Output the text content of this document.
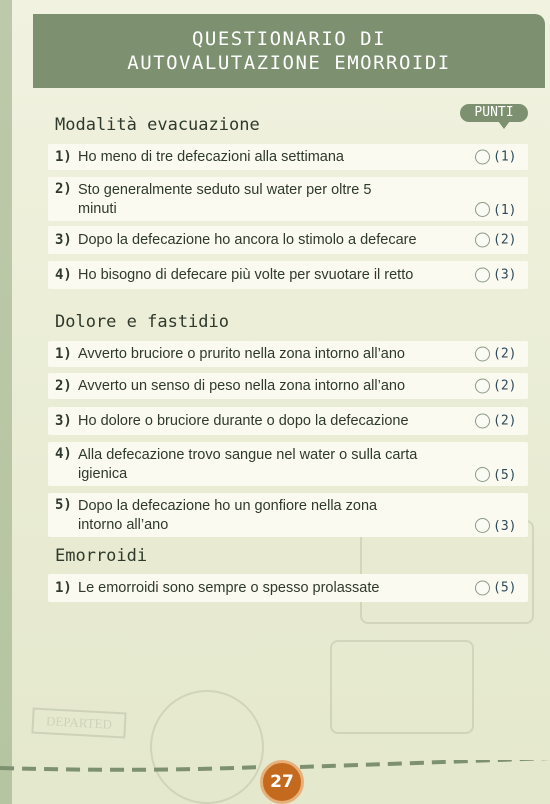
DEPARTED
QUESTIONARIO DI
AUTOVALUTAZIONE EMORROIDI
PUNTI
Modalità evacuazione
1) Ho meno di tre defecazioni alla settimana	(1)
2) Sto generalmente seduto sul water per oltre 5 minuti	(1)
3) Dopo la defecazione ho ancora lo stimolo a defecare	(2)
4) Ho bisogno di defecare più volte per svuotare il retto	(3)
Dolore e fastidio
1) Avverto bruciore o prurito nella zona intorno all’ano	(2)
2) Avverto un senso di peso nella zona intorno all’ano	(2)
3) Ho dolore o bruciore durante o dopo la defecazione	(2)
4) Alla defecazione trovo sangue nel water o sulla carta igienica	(5)
5) Dopo la defecazione ho un gonfiore nella zona intorno all’ano	(3)
Emorroidi
1) Le emorroidi sono sempre o spesso prolassate	(5)
27
